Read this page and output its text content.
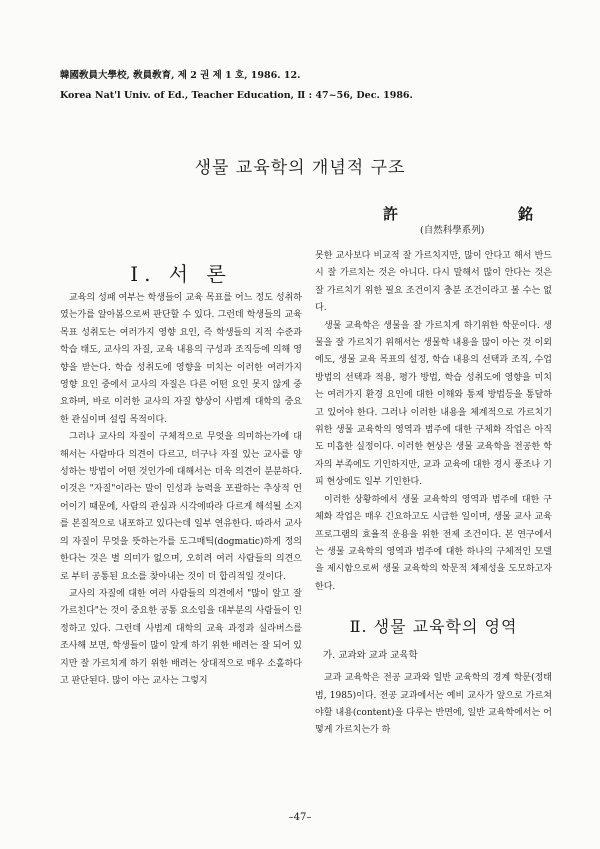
韓國敎員大學校, 敎員敎育, 제 2 권 제 1 호, 1986. 12.
Korea Nat'l Univ. of Ed., Teacher Education, Ⅱ : 47~56, Dec. 1986.
생물 교육학의 개념적 구조
許	銘
(自然科學系列)
Ⅰ. 서 론

교육의 성패 여부는 학생들이 교육 목표를 어느 정도 성취하였는가를 알아봄으로써 판단할 수 있다. 그런데 학생들의 교육 목표 성취도는 여러가지 영향 요인, 즉 학생들의 지적 수준과 학습 태도, 교사의 자질, 교육 내용의 구성과 조직등에 의해 영향을 받는다. 학습 성취도에 영향을 미치는 이러한 여러가지 영향 요인 중에서 교사의 자질은 다른 어떤 요인 못지 않게 중요하며, 바로 이러한 교사의 자질 향상이 사범계 대학의 중요한 관심이며 설립 목적이다.

그러나 교사의 자질이 구체적으로 무엇을 의미하는가에 대해서는 사람마다 의견이 다르고, 더구나 자질 있는 교사를 양성하는 방법이 어떤 것인가에 대해서는 더욱 의견이 분분하다. 이것은 "자질"이라는 말이 인성과 능력을 포괄하는 추상적 언어이기 때문에, 사람의 관심과 시각에따라 다르게 해석될 소지를 본질적으로 내포하고 있다는데 일부 연유한다. 따라서 교사의 자질이 무엇을 뜻하는가를 도그매틱(dogmatic)하게 정의한다는 것은 별 의미가 없으며, 오히려 여러 사람들의 의견으로 부터 공통된 요소를 찾아내는 것이 더 합리적일 것이다.

교사의 자질에 대한 여러 사람들의 의견에서 "많이 알고 잘 가르친다"는 것이 중요한 공통 요소임을 대부분의 사람들이 인정하고 있다. 그런데 사범계 대학의 교육 과정과 실라버스를 조사해 보면, 학생들이 많이 알게 하기 위한 배려는 잘 되어 있지만 잘 가르치게 하기 위한 배려는 상대적으로 매우 소홀하다고 판단된다. 많이 아는 교사는 그렇지

못한 교사보다 비교적 잘 가르치지만, 많이 안다고 해서 반드시 잘 가르치는 것은 아니다. 다시 말해서 많이 안다는 것은 잘 가르치기 위한 필요 조건이지 충분 조건이라고 볼 수는 없다.

생물 교육학은 생물을 잘 가르치게 하기위한 학문이다. 생물을 잘 가르치기 위해서는 생물학 내용을 많이 아는 것 이외에도, 생물 교육 목표의 설정, 학습 내용의 선택과 조직, 수업방법의 선택과 적용, 평가 방법, 학습 성취도에 영향을 미치는 여러가지 환경 요인에 대한 이해와 통제 방법등을 통달하고 있어야 한다. 그러나 이러한 내용을 체계적으로 가르치기 위한 생물 교육학의 영역과 범주에 대한 구체화 작업은 아직도 미흡한 실정이다. 이러한 현상은 생물 교육학을 전공한 학자의 부족에도 기인하지만, 교과 교육에 대한 경시 풍조나 기피 현상에도 일부 기인한다.

이러한 상황하에서 생물 교육학의 영역과 범주에 대한 구체화 작업은 매우 긴요하고도 시급한 일이며, 생물 교사 교육 프로그램의 효율적 운용을 위한 전제 조건이다. 본 연구에서는 생물 교육학의 영역과 범주에 대한 하나의 구체적인 모델을 제시함으로써 생물 교육학의 학문적 체제성을 도모하고자 한다.

Ⅱ. 생물 교육학의 영역
가. 교과와 교과 교육학

교과 교육학은 전공 교과와 일반 교육학의 경계 학문(정태범, 1985)이다. 전공 교과에서는 예비 교사가 앞으로 가르쳐야할 내용(content)을 다루는 반면에, 일반 교육학에서는 어떻게 가르치는가 하

–47–
